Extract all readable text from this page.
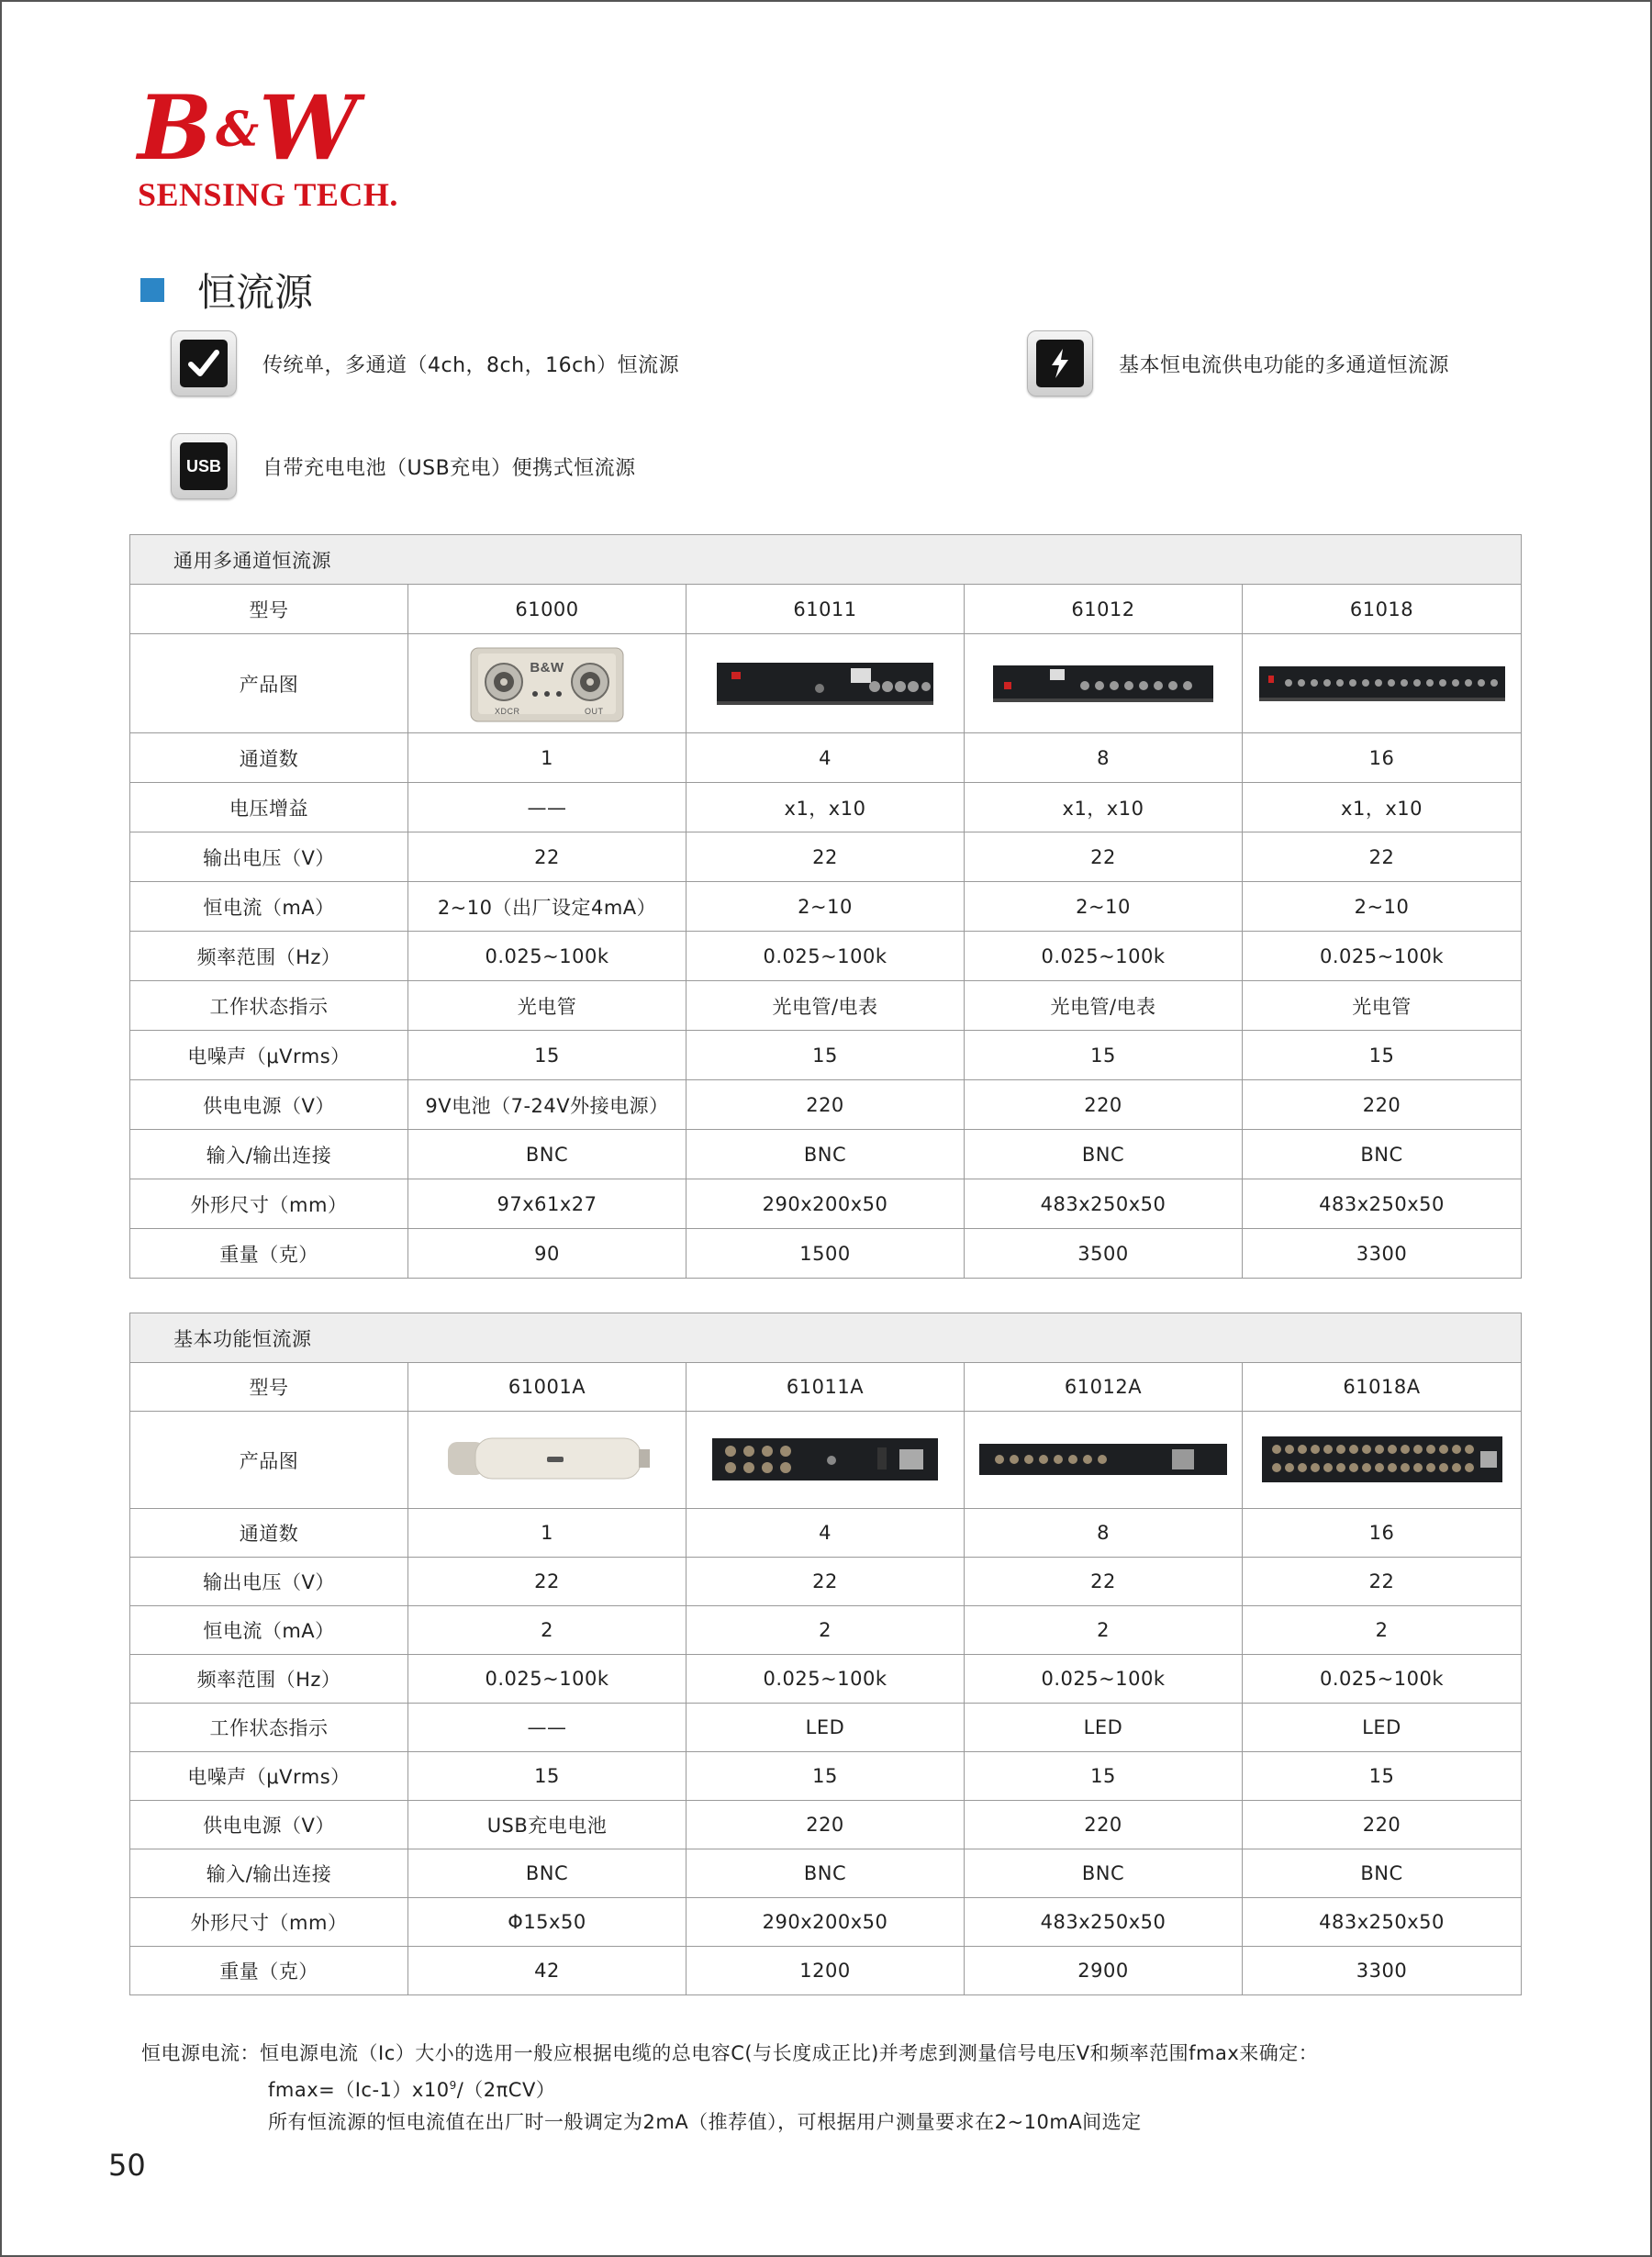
B&W
SENSING TECH.
恒流源
传统单，多通道（4ch，8ch，16ch）恒流源	基本恒电流供电功能的多通道恒流源
USB	自带充电电池（USB充电）便携式恒流源
通用多通道恒流源				
型号	61000	61011	61012	61018
产品图	B&W
XDCR OUT

通道数	1	4	8	16
电压增益	——	x1，x10	x1，x10	x1，x10
输出电压（V）	22	22	22	22
恒电流（mA）	2~10（出厂设定4mA）	2~10	2~10	2~10
频率范围（Hz）	0.025~100k	0.025~100k	0.025~100k	0.025~100k
工作状态指示	光电管	光电管/电表	光电管/电表	光电管
电噪声（μVrms）	15	15	15	15
供电电源（V）	9V电池（7-24V外接电源）	220	220	220
输入/输出连接	BNC	BNC	BNC	BNC
外形尺寸（mm）	97x61x27	290x200x50	483x250x50	483x250x50
重量（克）	90	1500	3500	3300
基本功能恒流源				
型号	61001A	61011A	61012A	61018A
产品图	

通道数	1	4	8	16
输出电压（V）	22	22	22	22
恒电流（mA）	2	2	2	2
频率范围（Hz）	0.025~100k	0.025~100k	0.025~100k	0.025~100k
工作状态指示	——	LED	LED	LED
电噪声（μVrms）	15	15	15	15
供电电源（V）	USB充电电池	220	220	220
输入/输出连接	BNC	BNC	BNC	BNC
外形尺寸（mm）	Φ15x50	290x200x50	483x250x50	483x250x50
重量（克）	42	1200	2900	3300
恒电源电流： 恒电源电流（Ic）大小的选用一般应根据电缆的总电容C(与长度成正比)并考虑到测量信号电压V和频率范围fmax来确定：
$fmax=(Ic-1)x10^9/(2\pi CV)$
所有恒流源的恒电流值在出厂时一般调定为2mA（推荐值），可根据用户测量要求在2~10mA间选定
50
